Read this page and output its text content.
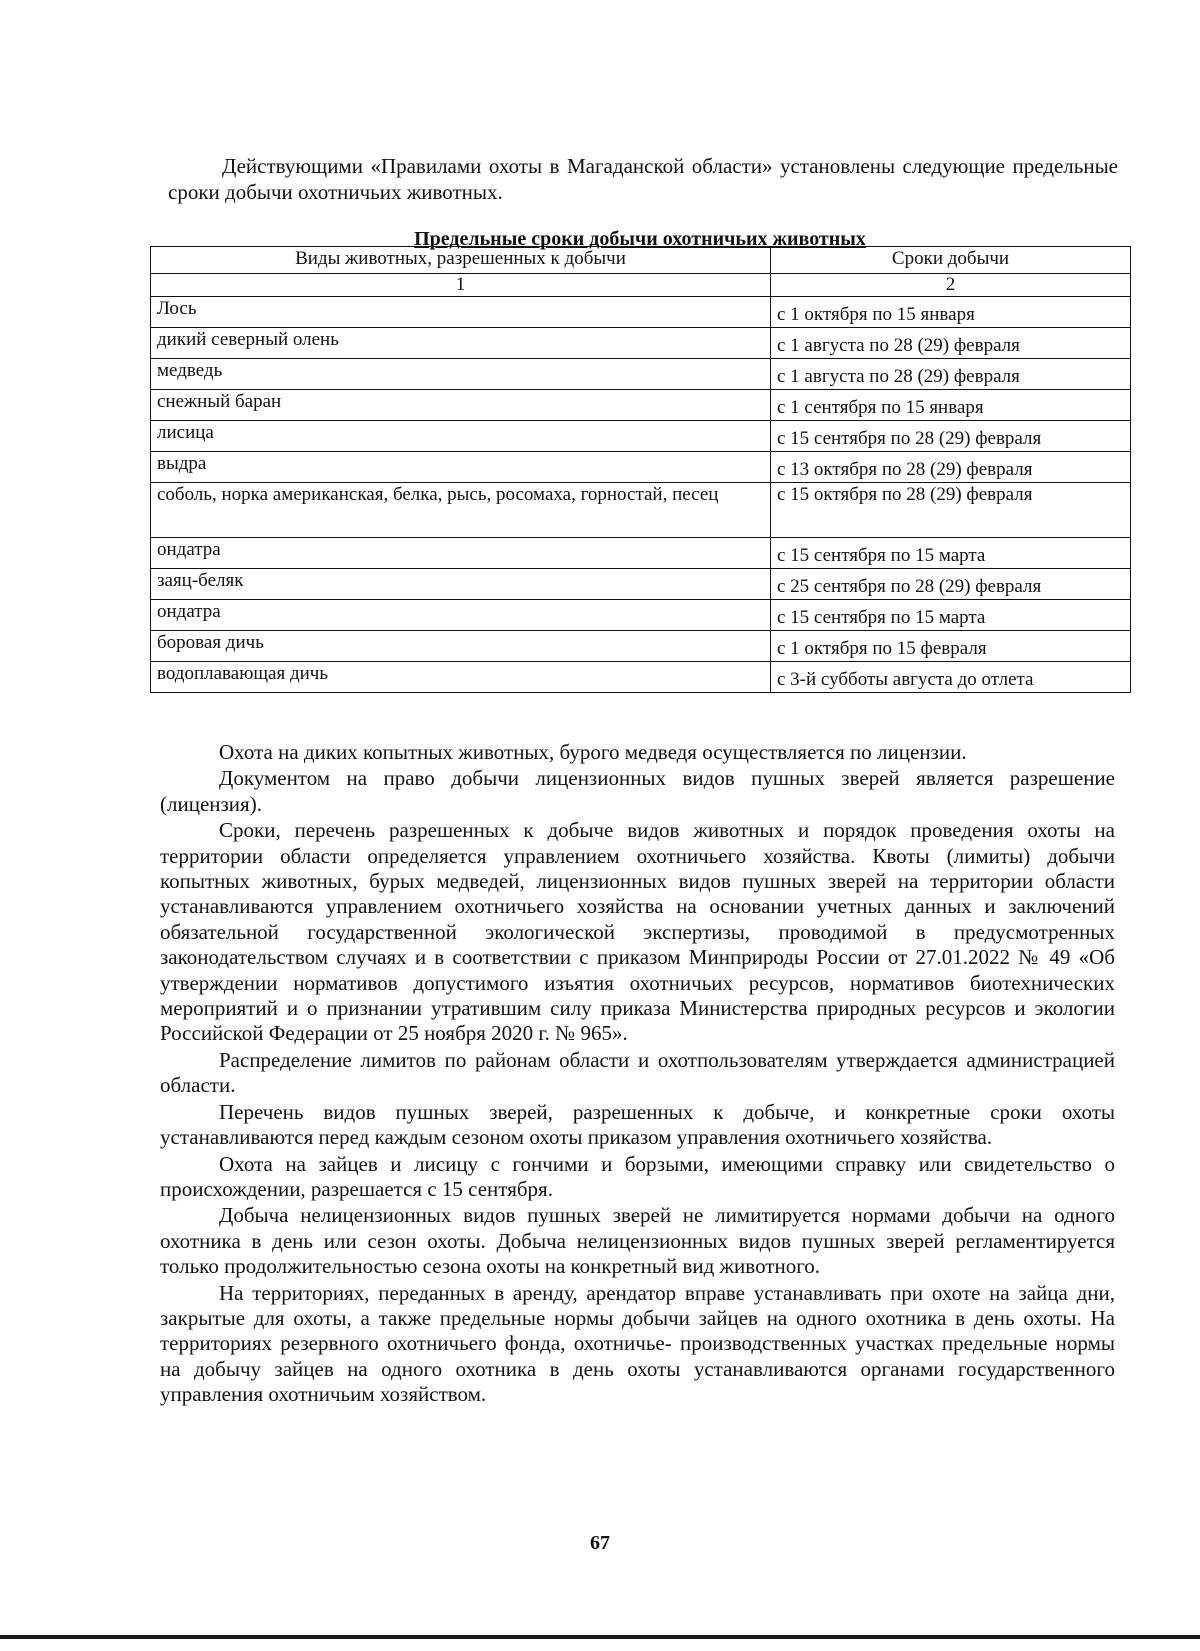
Действующими «Правилами охоты в Магаданской области» установлены следующие предельные сроки добычи охотничьих животных.

Предельные сроки добычи охотничьих животных

Виды животных, разрешенных к добычи	Сроки добычи
1	2
Лось	с 1 октября по 15 января
дикий северный олень	с 1 августа по 28 (29) февраля
медведь	с 1 августа по 28 (29) февраля
снежный баран	с 1 сентября по 15 января
лисица	с 15 сентября по 28 (29) февраля
выдра	с 13 октября по 28 (29) февраля
соболь, норка американская, белка, рысь, росомаха, горностай, песец	с 15 октября по 28 (29) февраля
ондатра	с 15 сентября по 15 марта
заяц-беляк	с 25 сентября по 28 (29) февраля
ондатра	с 15 сентября по 15 марта
боровая дичь	с 1 октября по 15 февраля
водоплавающая дичь	с 3-й субботы августа до отлета

Охота на диких копытных животных, бурого медведя осуществляется по лицензии.

Документом на право добычи лицензионных видов пушных зверей является разрешение (лицензия).

Сроки, перечень разрешенных к добыче видов животных и порядок проведения охоты на территории области определяется управлением охотничьего хозяйства. Квоты (лимиты) добычи копытных животных, бурых медведей, лицензионных видов пушных зверей на территории области устанавливаются управлением охотничьего хозяйства на основании учетных данных и заключений обязательной государственной экологической экспертизы, проводимой в предусмотренных законодательством случаях и в соответствии с приказом Минприроды России от 27.01.2022 № 49 «Об утверждении нормативов допустимого изъятия охотничьих ресурсов, нормативов биотехнических мероприятий и о признании утратившим силу приказа Министерства природных ресурсов и экологии Российской Федерации от 25 ноября 2020 г. № 965».

Распределение лимитов по районам области и охотпользователям утверждается администрацией области.

Перечень видов пушных зверей, разрешенных к добыче, и конкретные сроки охоты устанавливаются перед каждым сезоном охоты приказом управления охотничьего хозяйства.

Охота на зайцев и лисицу с гончими и борзыми, имеющими справку или свидетельство о происхождении, разрешается с 15 сентября.

Добыча нелицензионных видов пушных зверей не лимитируется нормами добычи на одного охотника в день или сезон охоты. Добыча нелицензионных видов пушных зверей регламентируется только продолжительностью сезона охоты на конкретный вид животного.

На территориях, переданных в аренду, арендатор вправе устанавливать при охоте на зайца дни, закрытые для охоты, а также предельные нормы добычи зайцев на одного охотника в день охоты. На территориях резервного охотничьего фонда, охотничье- производственных участках предельные нормы на добычу зайцев на одного охотника в день охоты устанавливаются органами государственного управления охотничьим хозяйством.

67
